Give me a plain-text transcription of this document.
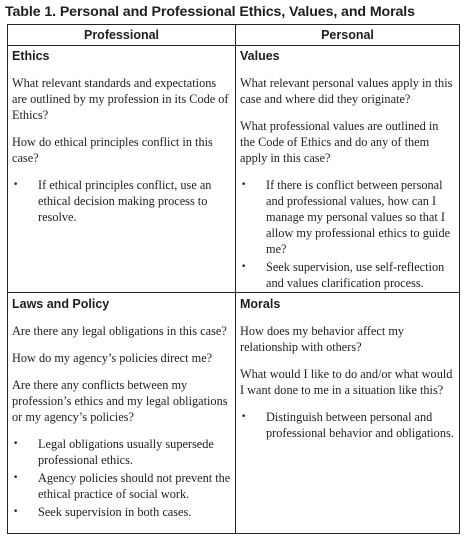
Table 1. Personal and Professional Ethics, Values, and Morals
Professional	Personal
Ethics

What relevant standards and expectations are outlined by my profession in its Code of Ethics?

How do ethical principles conflict in this case?

• If ethical principles conflict, use an ethical decision making process to resolve.
Values

What relevant personal values apply in this case and where did they originate?

What professional values are outlined in the Code of Ethics and do any of them apply in this case?

• If there is conflict between personal and professional values, how can I manage my personal values so that I allow my professional ethics to guide me?
• Seek supervision, use self-reflection and values clarification process.
Laws and Policy

Are there any legal obligations in this case?

How do my agency’s policies direct me?

Are there any conflicts between my profession’s ethics and my legal obligations or my agency’s policies?

• Legal obligations usually supersede professional ethics.
• Agency policies should not prevent the ethical practice of social work.
• Seek supervision in both cases.
Morals

How does my behavior affect my relationship with others?

What would I like to do and/or what would I want done to me in a situation like this?

• Distinguish between personal and professional behavior and obligations.
